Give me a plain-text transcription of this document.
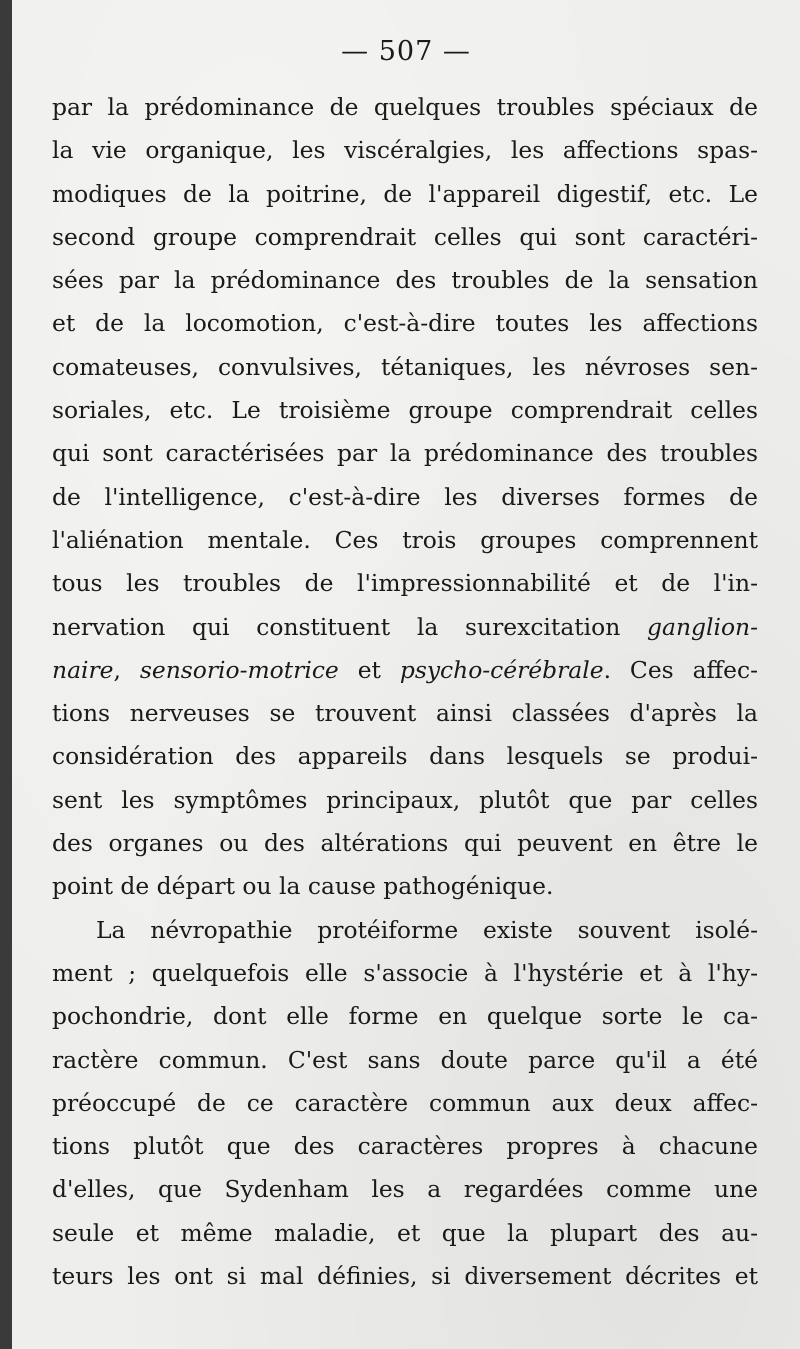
— 507 —
par la prédominance de quelques troubles spéciaux de
la vie organique, les viscéralgies, les affections spas-
modiques de la poitrine, de l'appareil digestif, etc. Le
second groupe comprendrait celles qui sont caractéri-
sées par la prédominance des troubles de la sensation
et de la locomotion, c'est-à-dire toutes les affections
comateuses, convulsives, tétaniques, les névroses sen-
soriales, etc. Le troisième groupe comprendrait celles
qui sont caractérisées par la prédominance des troubles
de l'intelligence, c'est-à-dire les diverses formes de
l'aliénation mentale. Ces trois groupes comprennent
tous les troubles de l'impressionnabilité et de l'in-
nervation qui constituent la surexcitation ganglion-
naire, sensorio-motrice et psycho-cérébrale. Ces affec-
tions nerveuses se trouvent ainsi classées d'après la
considération des appareils dans lesquels se produi-
sent les symptômes principaux, plutôt que par celles
des organes ou des altérations qui peuvent en être le
point de départ ou la cause pathogénique.
La névropathie protéiforme existe souvent isolé-
ment ; quelquefois elle s'associe à l'hystérie et à l'hy-
pochondrie, dont elle forme en quelque sorte le ca-
ractère commun. C'est sans doute parce qu'il a été
préoccupé de ce caractère commun aux deux affec-
tions plutôt que des caractères propres à chacune
d'elles, que Sydenham les a regardées comme une
seule et même maladie, et que la plupart des au-
teurs les ont si mal définies, si diversement décrites et
